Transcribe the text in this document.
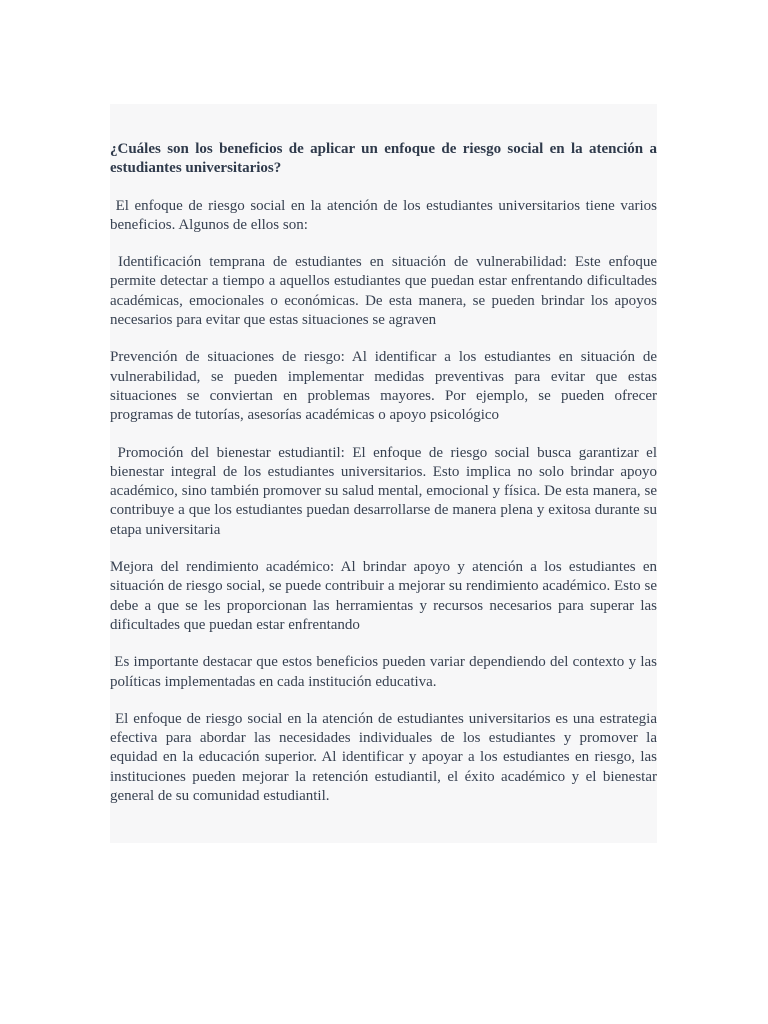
¿Cuáles son los beneficios de aplicar un enfoque de riesgo social en la atención a estudiantes universitarios?

El enfoque de riesgo social en la atención de los estudiantes universitarios tiene varios beneficios. Algunos de ellos son:

Identificación temprana de estudiantes en situación de vulnerabilidad: Este enfoque permite detectar a tiempo a aquellos estudiantes que puedan estar enfrentando dificultades académicas, emocionales o económicas. De esta manera, se pueden brindar los apoyos necesarios para evitar que estas situaciones se agraven

Prevención de situaciones de riesgo: Al identificar a los estudiantes en situación de vulnerabilidad, se pueden implementar medidas preventivas para evitar que estas situaciones se conviertan en problemas mayores. Por ejemplo, se pueden ofrecer programas de tutorías, asesorías académicas o apoyo psicológico

Promoción del bienestar estudiantil: El enfoque de riesgo social busca garantizar el bienestar integral de los estudiantes universitarios. Esto implica no solo brindar apoyo académico, sino también promover su salud mental, emocional y física. De esta manera, se contribuye a que los estudiantes puedan desarrollarse de manera plena y exitosa durante su etapa universitaria

Mejora del rendimiento académico: Al brindar apoyo y atención a los estudiantes en situación de riesgo social, se puede contribuir a mejorar su rendimiento académico. Esto se debe a que se les proporcionan las herramientas y recursos necesarios para superar las dificultades que puedan estar enfrentando

Es importante destacar que estos beneficios pueden variar dependiendo del contexto y las políticas implementadas en cada institución educativa.

El enfoque de riesgo social en la atención de estudiantes universitarios es una estrategia efectiva para abordar las necesidades individuales de los estudiantes y promover la equidad en la educación superior. Al identificar y apoyar a los estudiantes en riesgo, las instituciones pueden mejorar la retención estudiantil, el éxito académico y el bienestar general de su comunidad estudiantil.
